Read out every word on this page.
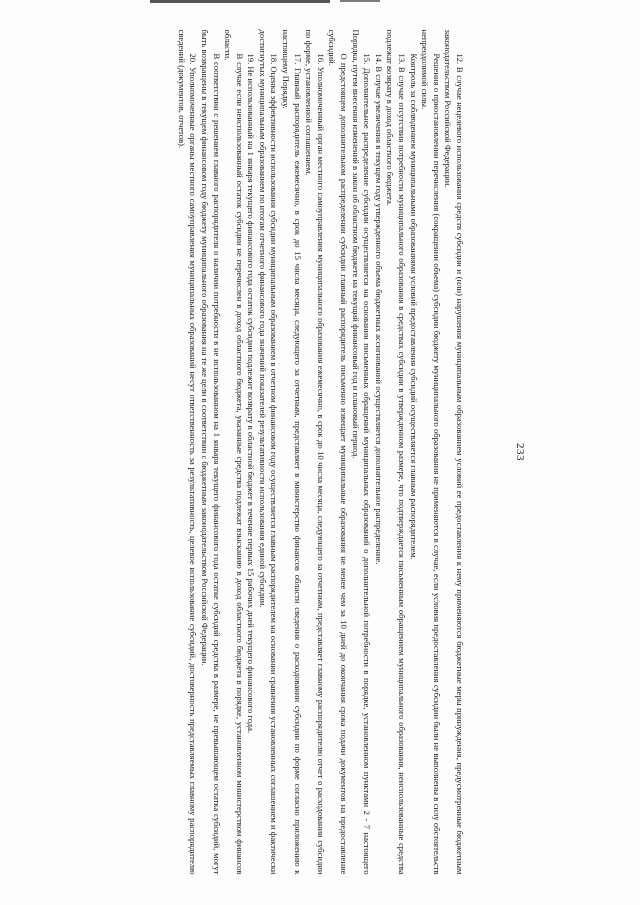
233

12. В случае нецелевого использования средств субсидии и (или) нарушения муниципальным образованием условий ее предоставления к нему применяются бюджетные меры принуждения, предусмотренные бюджетным законодательством Российской Федерации.

Решения о приостановлении перечисления (сокращении объема) субсидии бюджету муниципального образования не применяются в случае, если условия предоставления субсидии были не выполнены в силу обстоятельств непреодолимой силы.

Контроль за соблюдением муниципальными образованиями условий предоставления субсидий осуществляется главным распорядителем.

13. В случае отсутствия потребности муниципального образования в средствах субсидии в утвержденном размере, что подтверждается письменным обращением муниципального образования, неиспользованные средства подлежат возврату в доход областного бюджета.

14. В случае увеличения в текущем году утвержденного объема бюджетных ассигнований осуществляется дополнительное распределение.

15. Дополнительное распределение субсидии осуществляется на основании письменных обращений муниципальных образований о дополнительной потребности в порядке, установленном пунктами 2 - 7 настоящего Порядка, путем внесения изменений в закон об областном бюджете на текущий финансовый год и плановый период.

О предстоящем дополнительном распределении субсидии главный распорядитель письменно извещает муниципальные образования не менее чем за 10 дней до окончания срока подачи документов на предоставление субсидий.

16. Уполномоченный орган местного самоуправления муниципального образования ежемесячно, в срок до 10 числа месяца, следующего за отчетным, представляет главному распорядителю отчет о расходовании субсидии по форме, установленной соглашением.

17. Главный распорядитель ежемесячно, в срок до 15 числа месяца, следующего за отчетным, представляет в министерство финансов области сведения о расходовании субсидии по форме согласно приложению к настоящему Порядку.

18. Оценка эффективности использования субсидии муниципальным образованием в отчетном финансовом году осуществляется главным распорядителем на основании сравнения установленных соглашением и фактически достигнутых муниципальным образованием по итогам отчетного финансового года значений показателей результативности использования единой субсидии.

19. Не использованный на 1 января текущего финансового года остаток субсидии подлежит возврату в областной бюджет в течение первых 15 рабочих дней текущего финансового года.

В случае если неиспользованный остаток субсидии не перечислен в доход областного бюджета, указанные средства подлежат взысканию в доход областного бюджета в порядке, установленном министерством финансов области.

В соответствии с решением главного распорядителя о наличии потребности в не использованном на 1 января текущего финансового года остатке субсидий средства в размере, не превышающем остатка субсидий, могут быть возвращены в текущем финансовом году бюджету муниципального образования на те же цели в соответствии с бюджетным законодательством Российской Федерации.

20. Уполномоченные органы местного самоуправления муниципальных образований несут ответственность за результативность, целевое использование субсидий, достоверность представляемых главному распорядителю сведений (документов, отчетов).
